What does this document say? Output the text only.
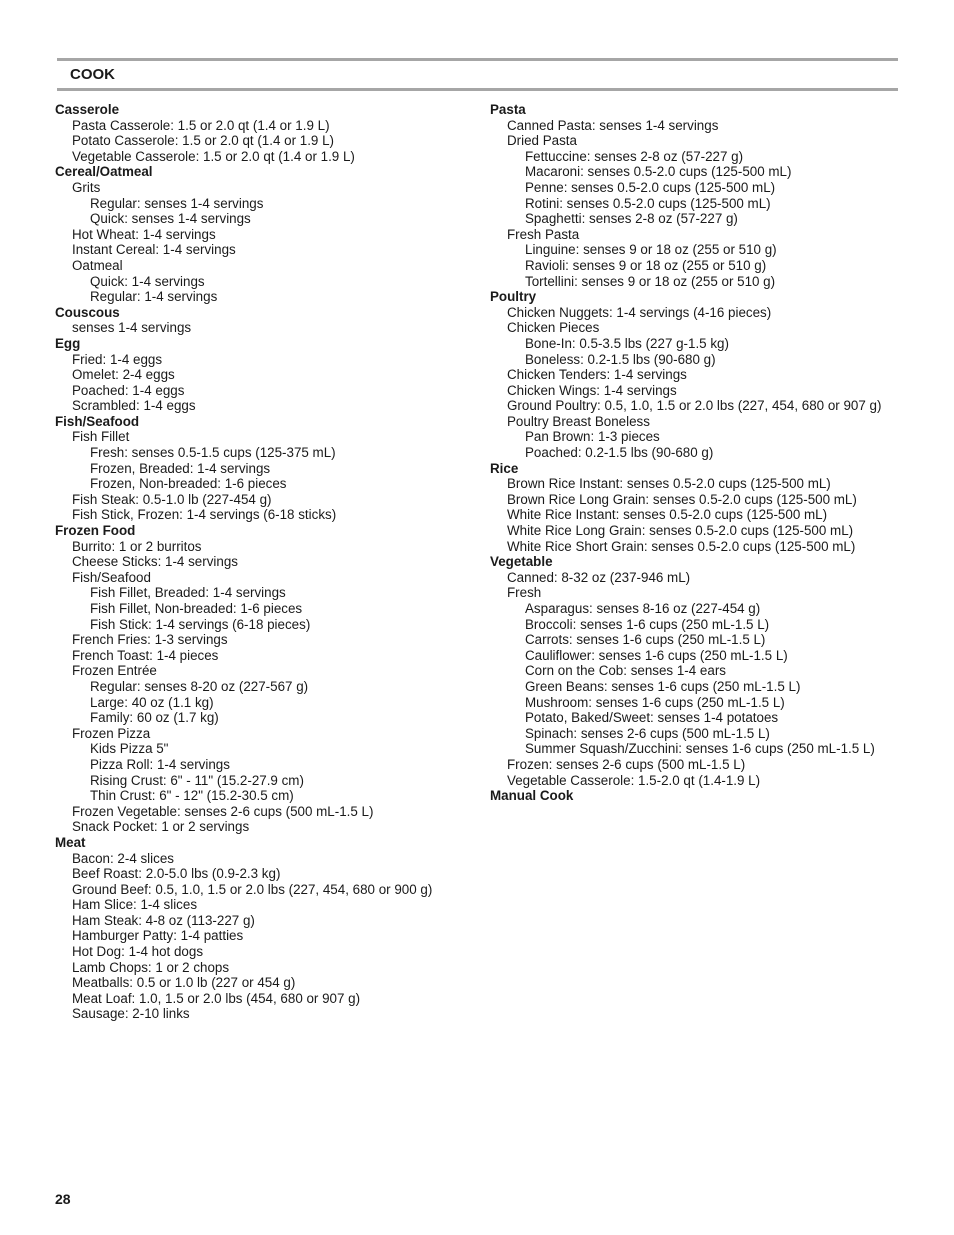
COOK
Casserole
Pasta Casserole: 1.5 or 2.0 qt (1.4 or 1.9 L)
Potato Casserole: 1.5 or 2.0 qt (1.4 or 1.9 L)
Vegetable Casserole: 1.5 or 2.0 qt (1.4 or 1.9 L)
Cereal/Oatmeal
Grits
Regular: senses 1-4 servings
Quick: senses 1-4 servings
Hot Wheat: 1-4 servings
Instant Cereal: 1-4 servings
Oatmeal
Quick: 1-4 servings
Regular: 1-4 servings
Couscous
senses 1-4 servings
Egg
Fried: 1-4 eggs
Omelet: 2-4 eggs
Poached: 1-4 eggs
Scrambled: 1-4 eggs
Fish/Seafood
Fish Fillet
Fresh: senses 0.5-1.5 cups (125-375 mL)
Frozen, Breaded: 1-4 servings
Frozen, Non-breaded: 1-6 pieces
Fish Steak: 0.5-1.0 lb (227-454 g)
Fish Stick, Frozen: 1-4 servings (6-18 sticks)
Frozen Food
Burrito: 1 or 2 burritos
Cheese Sticks: 1-4 servings
Fish/Seafood
Fish Fillet, Breaded: 1-4 servings
Fish Fillet, Non-breaded: 1-6 pieces
Fish Stick: 1-4 servings (6-18 pieces)
French Fries: 1-3 servings
French Toast: 1-4 pieces
Frozen Entrée
Regular: senses 8-20 oz (227-567 g)
Large: 40 oz (1.1 kg)
Family: 60 oz (1.7 kg)
Frozen Pizza
Kids Pizza 5"
Pizza Roll: 1-4 servings
Rising Crust: 6" - 11" (15.2-27.9 cm)
Thin Crust: 6" - 12" (15.2-30.5 cm)
Frozen Vegetable: senses 2-6 cups (500 mL-1.5 L)
Snack Pocket: 1 or 2 servings
Meat
Bacon: 2-4 slices
Beef Roast: 2.0-5.0 lbs (0.9-2.3 kg)
Ground Beef: 0.5, 1.0, 1.5 or 2.0 lbs (227, 454, 680 or 900 g)
Ham Slice: 1-4 slices
Ham Steak: 4-8 oz (113-227 g)
Hamburger Patty: 1-4 patties
Hot Dog: 1-4 hot dogs
Lamb Chops: 1 or 2 chops
Meatballs: 0.5 or 1.0 lb (227 or 454 g)
Meat Loaf: 1.0, 1.5 or 2.0 lbs (454, 680 or 907 g)
Sausage: 2-10 links
Pasta
Canned Pasta: senses 1-4 servings
Dried Pasta
Fettuccine: senses 2-8 oz (57-227 g)
Macaroni: senses 0.5-2.0 cups (125-500 mL)
Penne: senses 0.5-2.0 cups (125-500 mL)
Rotini: senses 0.5-2.0 cups (125-500 mL)
Spaghetti: senses 2-8 oz (57-227 g)
Fresh Pasta
Linguine: senses 9 or 18 oz (255 or 510 g)
Ravioli: senses 9 or 18 oz (255 or 510 g)
Tortellini: senses 9 or 18 oz (255 or 510 g)
Poultry
Chicken Nuggets: 1-4 servings (4-16 pieces)
Chicken Pieces
Bone-In: 0.5-3.5 lbs (227 g-1.5 kg)
Boneless: 0.2-1.5 lbs (90-680 g)
Chicken Tenders: 1-4 servings
Chicken Wings: 1-4 servings
Ground Poultry: 0.5, 1.0, 1.5 or 2.0 lbs (227, 454, 680 or 907 g)
Poultry Breast Boneless
Pan Brown: 1-3 pieces
Poached: 0.2-1.5 lbs (90-680 g)
Rice
Brown Rice Instant: senses 0.5-2.0 cups (125-500 mL)
Brown Rice Long Grain: senses 0.5-2.0 cups (125-500 mL)
White Rice Instant: senses 0.5-2.0 cups (125-500 mL)
White Rice Long Grain: senses 0.5-2.0 cups (125-500 mL)
White Rice Short Grain: senses 0.5-2.0 cups (125-500 mL)
Vegetable
Canned: 8-32 oz (237-946 mL)
Fresh
Asparagus: senses 8-16 oz (227-454 g)
Broccoli: senses 1-6 cups (250 mL-1.5 L)
Carrots: senses 1-6 cups (250 mL-1.5 L)
Cauliflower: senses 1-6 cups (250 mL-1.5 L)
Corn on the Cob: senses 1-4 ears
Green Beans: senses 1-6 cups (250 mL-1.5 L)
Mushroom: senses 1-6 cups (250 mL-1.5 L)
Potato, Baked/Sweet: senses 1-4 potatoes
Spinach: senses 2-6 cups (500 mL-1.5 L)
Summer Squash/Zucchini: senses 1-6 cups (250 mL-1.5 L)
Frozen: senses 2-6 cups (500 mL-1.5 L)
Vegetable Casserole: 1.5-2.0 qt (1.4-1.9 L)
Manual Cook
28
